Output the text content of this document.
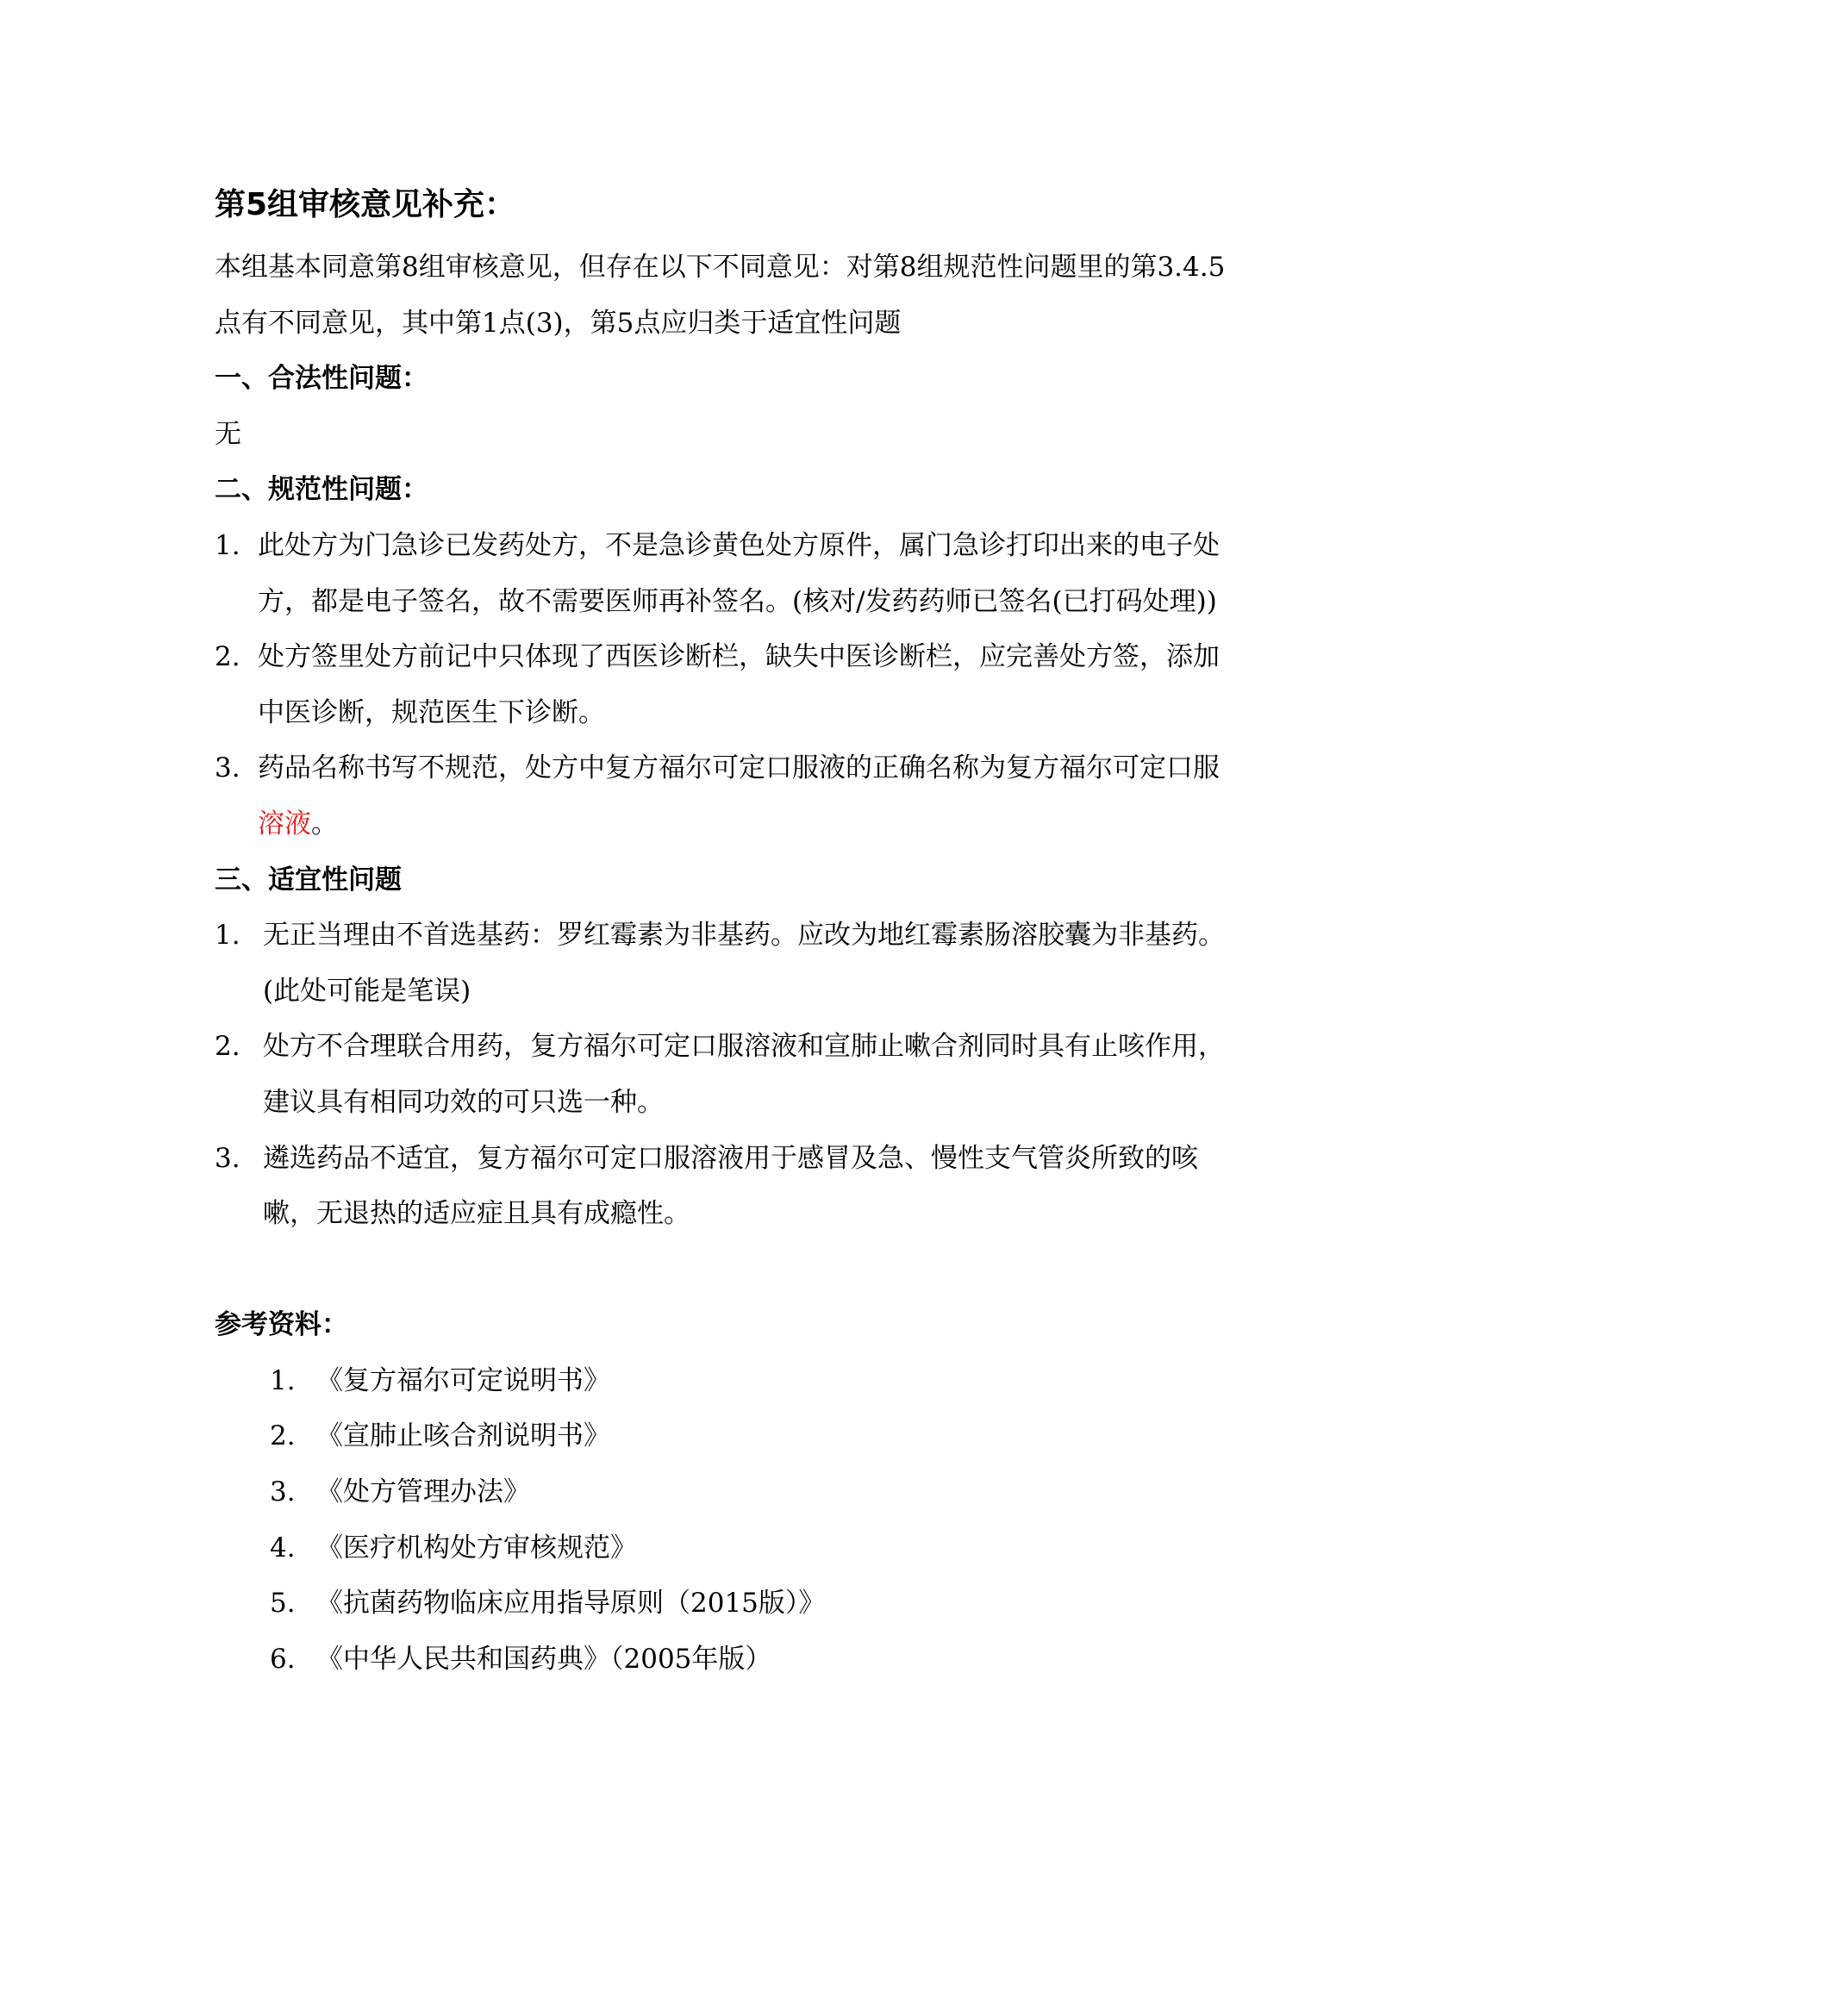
第5组审核意见补充：

本组基本同意第8组审核意见，但存在以下不同意见：对第8组规范性问题里的第3.4.5点有不同意见，其中第1点(3)，第5点应归类于适宜性问题

一、合法性问题：

无

二、规范性问题：
1. 此处方为门急诊已发药处方，不是急诊黄色处方原件，属门急诊打印出来的电子处方，都是电子签名，故不需要医师再补签名。(核对/发药药师已签名(已打码处理))
2. 处方签里处方前记中只体现了西医诊断栏，缺失中医诊断栏，应完善处方签，添加中医诊断，规范医生下诊断。
3. 药品名称书写不规范，处方中复方福尔可定口服液的正确名称为复方福尔可定口服溶液。
三、适宜性问题
1. 无正当理由不首选基药：罗红霉素为非基药。应改为地红霉素肠溶胶囊为非基药。(此处可能是笔误)
2. 处方不合理联合用药，复方福尔可定口服溶液和宣肺止嗽合剂同时具有止咳作用，建议具有相同功效的可只选一种。
3. 遴选药品不适宜，复方福尔可定口服溶液用于感冒及急、慢性支气管炎所致的咳嗽，无退热的适应症且具有成瘾性。
参考资料：
1. 《复方福尔可定说明书》
2. 《宣肺止咳合剂说明书》
3. 《处方管理办法》
4. 《医疗机构处方审核规范》
5. 《抗菌药物临床应用指导原则（2015版）》
6. 《中华人民共和国药典》（2005年版）
